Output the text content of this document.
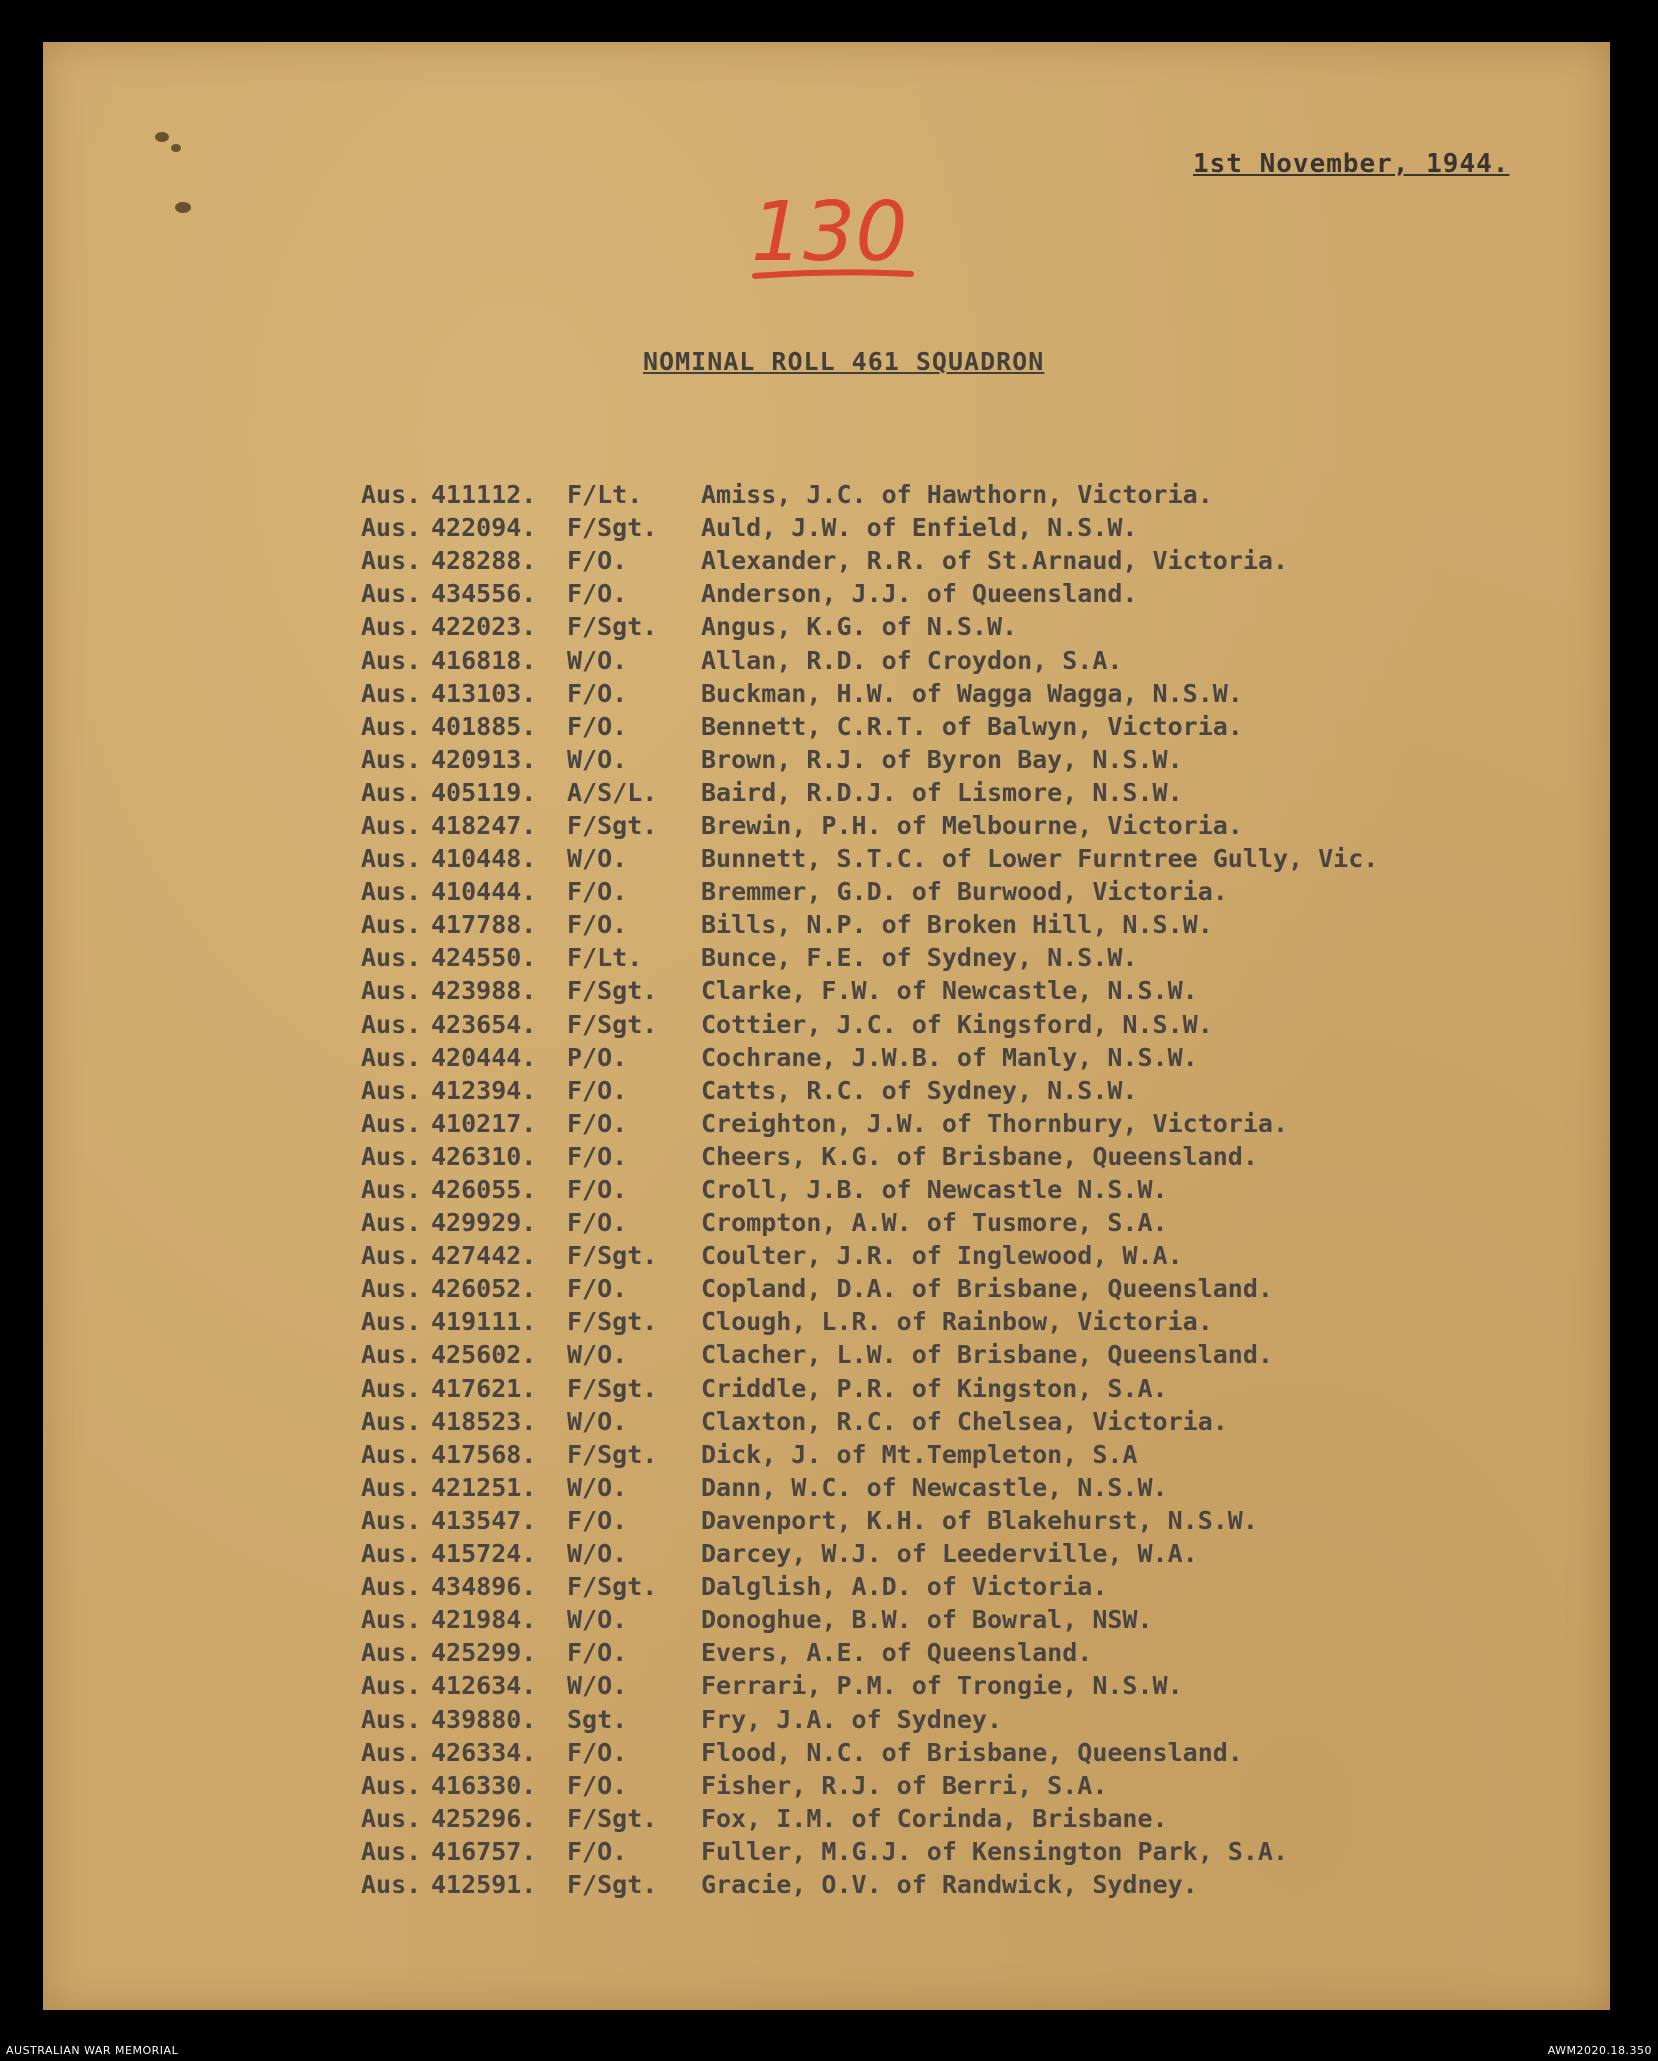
1st November, 1944.
130
NOMINAL ROLL 461 SQUADRON
Aus. 411112.	F/Lt.	Amiss, J.C. of Hawthorn, Victoria.
Aus. 422094.	F/Sgt.	Auld, J.W. of Enfield, N.S.W.
Aus. 428288.	F/O.	Alexander, R.R. of St.Arnaud, Victoria.
Aus. 434556.	F/O.	Anderson, J.J. of Queensland.
Aus. 422023.	F/Sgt.	Angus, K.G. of N.S.W.
Aus. 416818.	W/O.	Allan, R.D. of Croydon, S.A.
Aus. 413103.	F/O.	Buckman, H.W. of Wagga Wagga, N.S.W.
Aus. 401885.	F/O.	Bennett, C.R.T. of Balwyn, Victoria.
Aus. 420913.	W/O.	Brown, R.J. of Byron Bay, N.S.W.
Aus. 405119.	A/S/L.	Baird, R.D.J. of Lismore, N.S.W.
Aus. 418247.	F/Sgt.	Brewin, P.H. of Melbourne, Victoria.
Aus. 410448.	W/O.	Bunnett, S.T.C. of Lower Furntree Gully, Vic.
Aus. 410444.	F/O.	Bremmer, G.D. of Burwood, Victoria.
Aus. 417788.	F/O.	Bills, N.P. of Broken Hill, N.S.W.
Aus. 424550.	F/Lt.	Bunce, F.E. of Sydney, N.S.W.
Aus. 423988.	F/Sgt.	Clarke, F.W. of Newcastle, N.S.W.
Aus. 423654.	F/Sgt.	Cottier, J.C. of Kingsford, N.S.W.
Aus. 420444.	P/O.	Cochrane, J.W.B. of Manly, N.S.W.
Aus. 412394.	F/O.	Catts, R.C. of Sydney, N.S.W.
Aus. 410217.	F/O.	Creighton, J.W. of Thornbury, Victoria.
Aus. 426310.	F/O.	Cheers, K.G. of Brisbane, Queensland.
Aus. 426055.	F/O.	Croll, J.B. of Newcastle N.S.W.
Aus. 429929.	F/O.	Crompton, A.W. of Tusmore, S.A.
Aus. 427442.	F/Sgt.	Coulter, J.R. of Inglewood, W.A.
Aus. 426052.	F/O.	Copland, D.A. of Brisbane, Queensland.
Aus. 419111.	F/Sgt.	Clough, L.R. of Rainbow, Victoria.
Aus. 425602.	W/O.	Clacher, L.W. of Brisbane, Queensland.
Aus. 417621.	F/Sgt.	Criddle, P.R. of Kingston, S.A.
Aus. 418523.	W/O.	Claxton, R.C. of Chelsea, Victoria.
Aus. 417568.	F/Sgt.	Dick, J. of Mt.Templeton, S.A
Aus. 421251.	W/O.	Dann, W.C. of Newcastle, N.S.W.
Aus. 413547.	F/O.	Davenport, K.H. of Blakehurst, N.S.W.
Aus. 415724.	W/O.	Darcey, W.J. of Leederville, W.A.
Aus. 434896.	F/Sgt.	Dalglish, A.D. of Victoria.
Aus. 421984.	W/O.	Donoghue, B.W. of Bowral, NSW.
Aus. 425299.	F/O.	Evers, A.E. of Queensland.
Aus. 412634.	W/O.	Ferrari, P.M. of Trongie, N.S.W.
Aus. 439880.	Sgt.	Fry, J.A. of Sydney.
Aus. 426334.	F/O.	Flood, N.C. of Brisbane, Queensland.
Aus. 416330.	F/O.	Fisher, R.J. of Berri, S.A.
Aus. 425296.	F/Sgt.	Fox, I.M. of Corinda, Brisbane.
Aus. 416757.	F/O.	Fuller, M.G.J. of Kensington Park, S.A.
Aus. 412591.	F/Sgt.	Gracie, O.V. of Randwick, Sydney.
AUSTRALIAN WAR MEMORIAL	AWM2020.18.350
